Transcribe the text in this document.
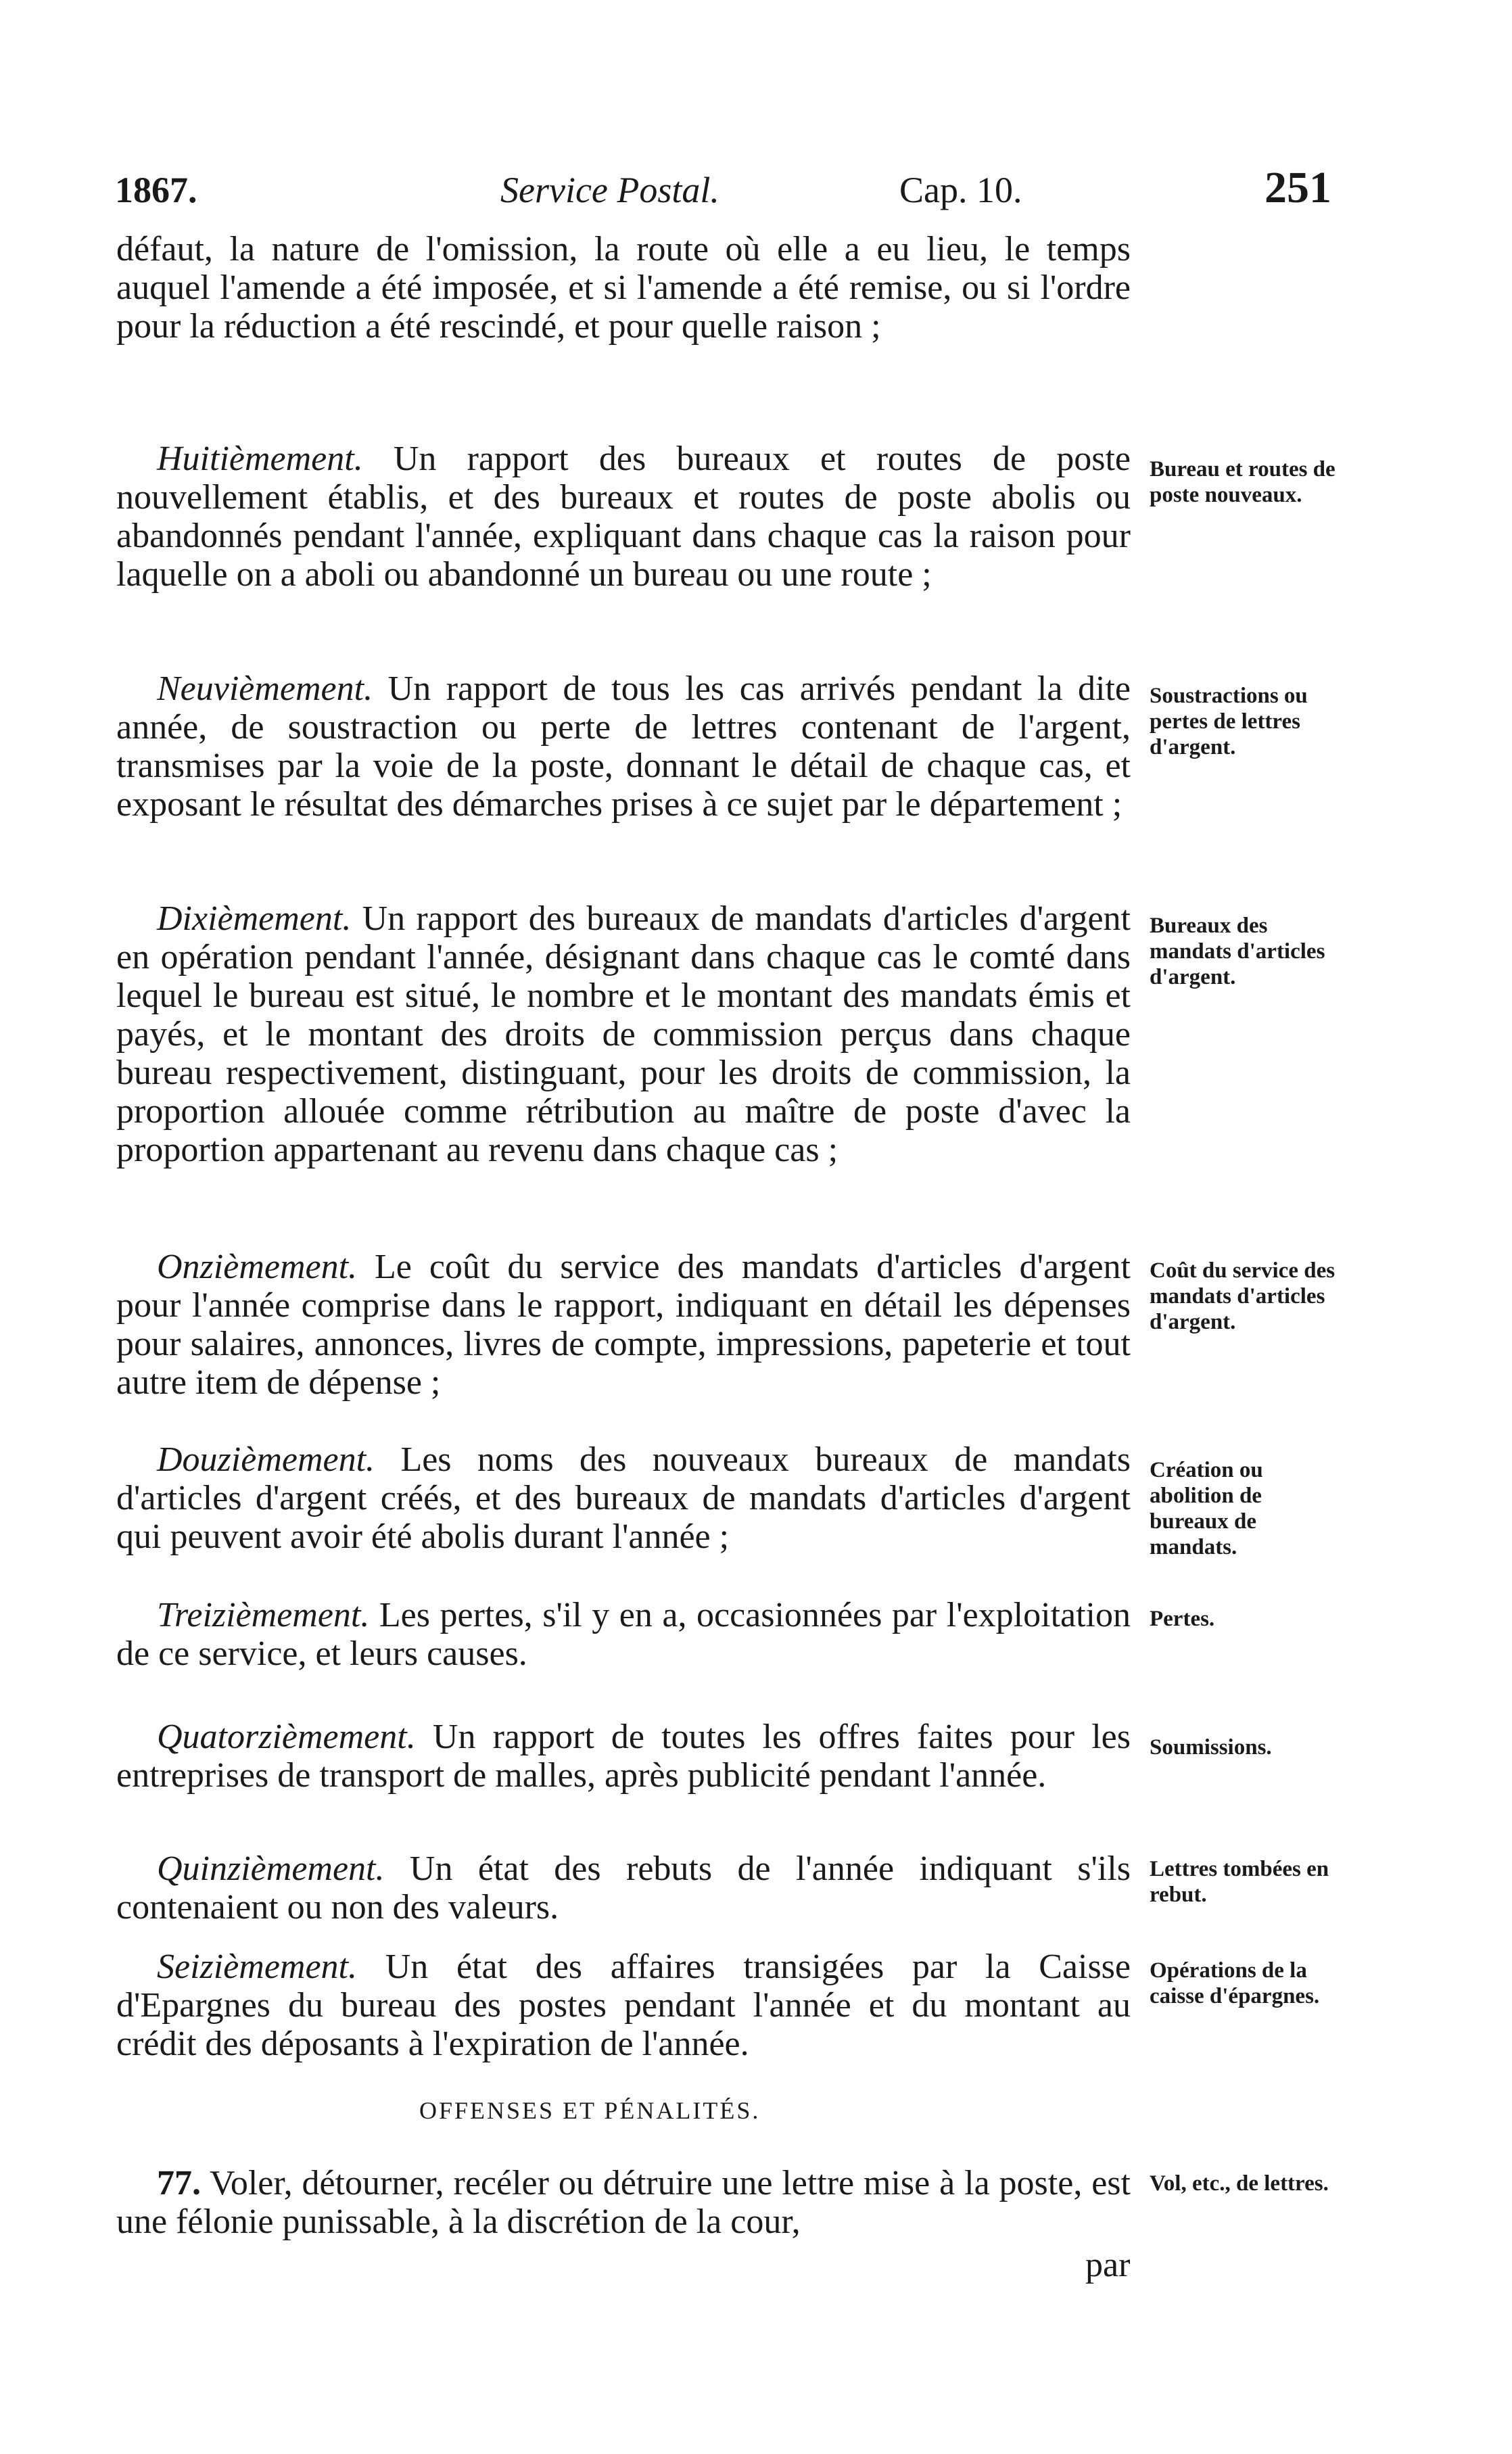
1867.	Service Postal.	Cap. 10.	251

défaut, la nature de l'omission, la route où elle a eu lieu, le temps auquel l'amende a été imposée, et si l'amende a été remise, ou si l'ordre pour la réduction a été rescindé, et pour quelle raison ;

Huitièmement. Un rapport des bureaux et routes de poste nouvellement établis, et des bureaux et routes de poste abolis ou abandonnés pendant l'année, expliquant dans chaque cas la raison pour laquelle on a aboli ou abandonné un bureau ou une route ;

Bureau et routes de poste nouveaux.

Neuvièmement. Un rapport de tous les cas arrivés pendant la dite année, de soustraction ou perte de lettres contenant de l'argent, transmises par la voie de la poste, donnant le détail de chaque cas, et exposant le résultat des démarches prises à ce sujet par le département ;

Soustractions ou pertes de lettres d'argent.

Dixièmement. Un rapport des bureaux de mandats d'articles d'argent en opération pendant l'année, désignant dans chaque cas le comté dans lequel le bureau est situé, le nombre et le montant des mandats émis et payés, et le montant des droits de commission perçus dans chaque bureau respectivement, distinguant, pour les droits de commission, la proportion allouée comme rétribution au maître de poste d'avec la proportion appartenant au revenu dans chaque cas ;

Bureaux des mandats d'articles d'argent.

Onzièmement. Le coût du service des mandats d'articles d'argent pour l'année comprise dans le rapport, indiquant en détail les dépenses pour salaires, annonces, livres de compte, impressions, papeterie et tout autre item de dépense ;

Coût du service des mandats d'articles d'argent.

Douzièmement. Les noms des nouveaux bureaux de mandats d'articles d'argent créés, et des bureaux de mandats d'articles d'argent qui peuvent avoir été abolis durant l'année ;

Création ou abolition de bureaux de mandats.

Treizièmement. Les pertes, s'il y en a, occasionnées par l'exploitation de ce service, et leurs causes.

Pertes.

Quatorzièmement. Un rapport de toutes les offres faites pour les entreprises de transport de malles, après publicité pendant l'année.

Soumissions.

Quinzièmement. Un état des rebuts de l'année indiquant s'ils contenaient ou non des valeurs.

Lettres tombées en rebut.

Seizièmement. Un état des affaires transigées par la Caisse d'Epargnes du bureau des postes pendant l'année et du montant au crédit des déposants à l'expiration de l'année.

Opérations de la caisse d'épargnes.
OFFENSES ET PÉNALITÉS.

77. Voler, détourner, recéler ou détruire une lettre mise à la poste, est une félonie punissable, à la discrétion de la cour,

Vol, etc., de lettres.
par
